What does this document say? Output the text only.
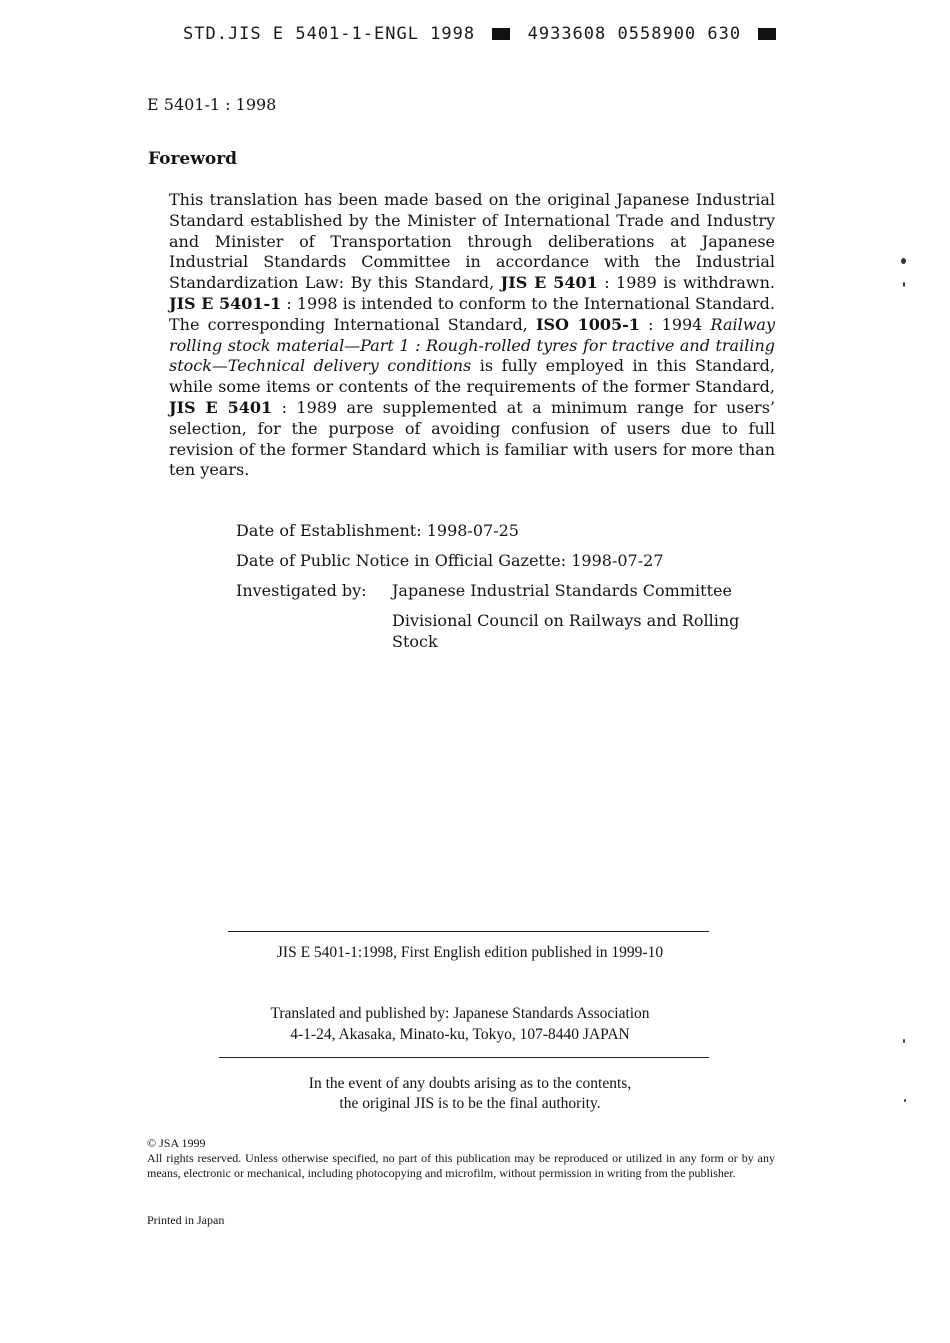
STD.JIS E 5401-1-ENGL 1998	4933608 0558900 630
E 5401-1 : 1998
Foreword
This translation has been made based on the original Japanese Industrial Standard established by the Minister of International Trade and Industry and Minister of Transportation through deliberations at Japanese Industrial Standards Committee in accordance with the Industrial Standardization Law: By this Standard, JIS E 5401 : 1989 is withdrawn. JIS E 5401-1 : 1998 is intended to conform to the International Standard. The corresponding International Standard, ISO 1005-1 : 1994 Railway rolling stock material—Part 1 : Rough-rolled tyres for tractive and trailing stock—Technical delivery conditions is fully employed in this Standard, while some items or contents of the requirements of the former Standard, JIS E 5401 : 1989 are supplemented at a minimum range for users’ selection, for the purpose of avoiding confusion of users due to full revision of the former Standard which is familiar with users for more than ten years.
Date of Establishment: 1998-07-25
Date of Public Notice in Official Gazette: 1998-07-27
Investigated by: Japanese Industrial Standards Committee
Divisional Council on Railways and Rolling Stock
JIS E 5401-1:1998, First English edition published in 1999-10
Translated and published by: Japanese Standards Association
4-1-24, Akasaka, Minato-ku, Tokyo, 107-8440 JAPAN
In the event of any doubts arising as to the contents,
the original JIS is to be the final authority.
© JSA 1999
All rights reserved. Unless otherwise specified, no part of this publication may be reproduced or utilized in any form or by any means, electronic or mechanical, including photocopying and microfilm, without permission in writing from the publisher.
Printed in Japan
